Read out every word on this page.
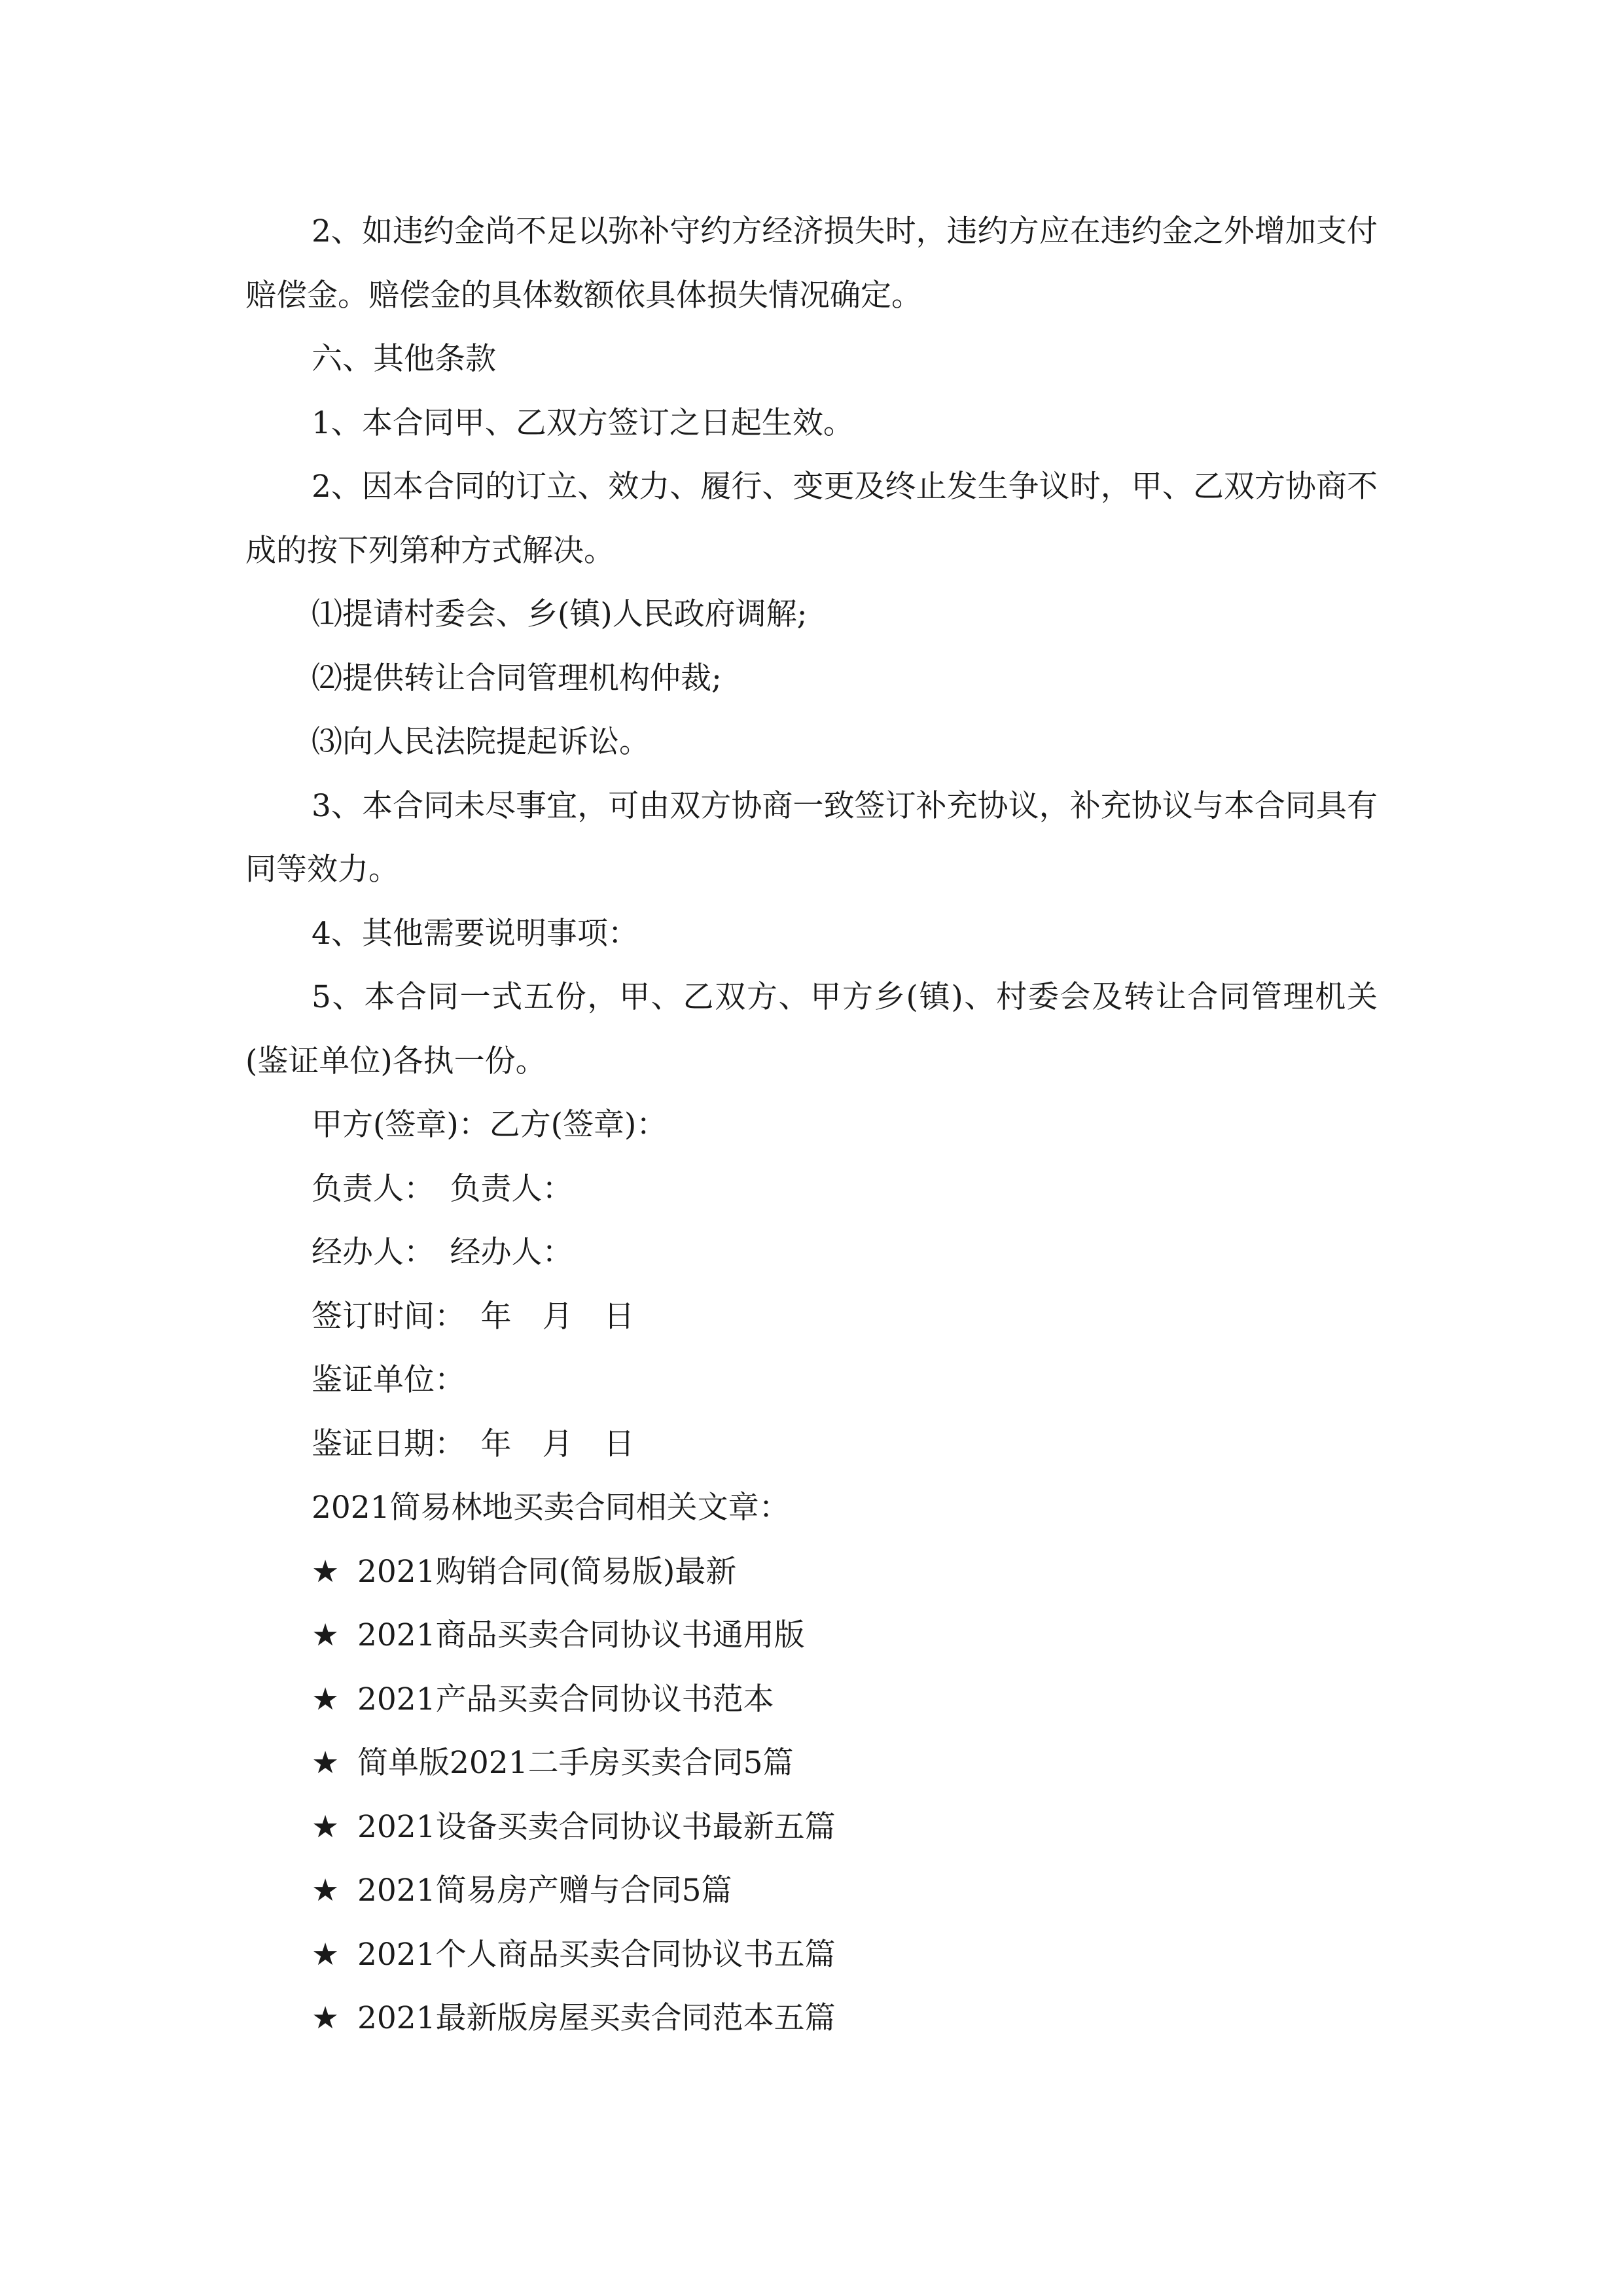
2、如违约金尚不足以弥补守约方经济损失时，违约方应在违约金之外增加支付赔偿金。赔偿金的具体数额依具体损失情况确定。

六、其他条款

1、本合同甲、乙双方签订之日起生效。

2、因本合同的订立、效力、履行、变更及终止发生争议时，甲、乙双方协商不成的按下列第种方式解决。

⑴提请村委会、乡(镇)人民政府调解;

⑵提供转让合同管理机构仲裁;

⑶向人民法院提起诉讼。

3、本合同未尽事宜，可由双方协商一致签订补充协议，补充协议与本合同具有同等效力。

4、其他需要说明事项：

5、本合同一式五份，甲、乙双方、甲方乡(镇)、村委会及转让合同管理机关(鉴证单位)各执一份。

甲方(签章)：乙方(签章)：

负责人：　负责人：

经办人：　经办人：

签订时间：　年　月　日

鉴证单位：

鉴证日期：　年　月　日

2021简易林地买卖合同相关文章：

★ 2021购销合同(简易版)最新

★ 2021商品买卖合同协议书通用版

★ 2021产品买卖合同协议书范本

★ 简单版2021二手房买卖合同5篇

★ 2021设备买卖合同协议书最新五篇

★ 2021简易房产赠与合同5篇

★ 2021个人商品买卖合同协议书五篇

★ 2021最新版房屋买卖合同范本五篇
